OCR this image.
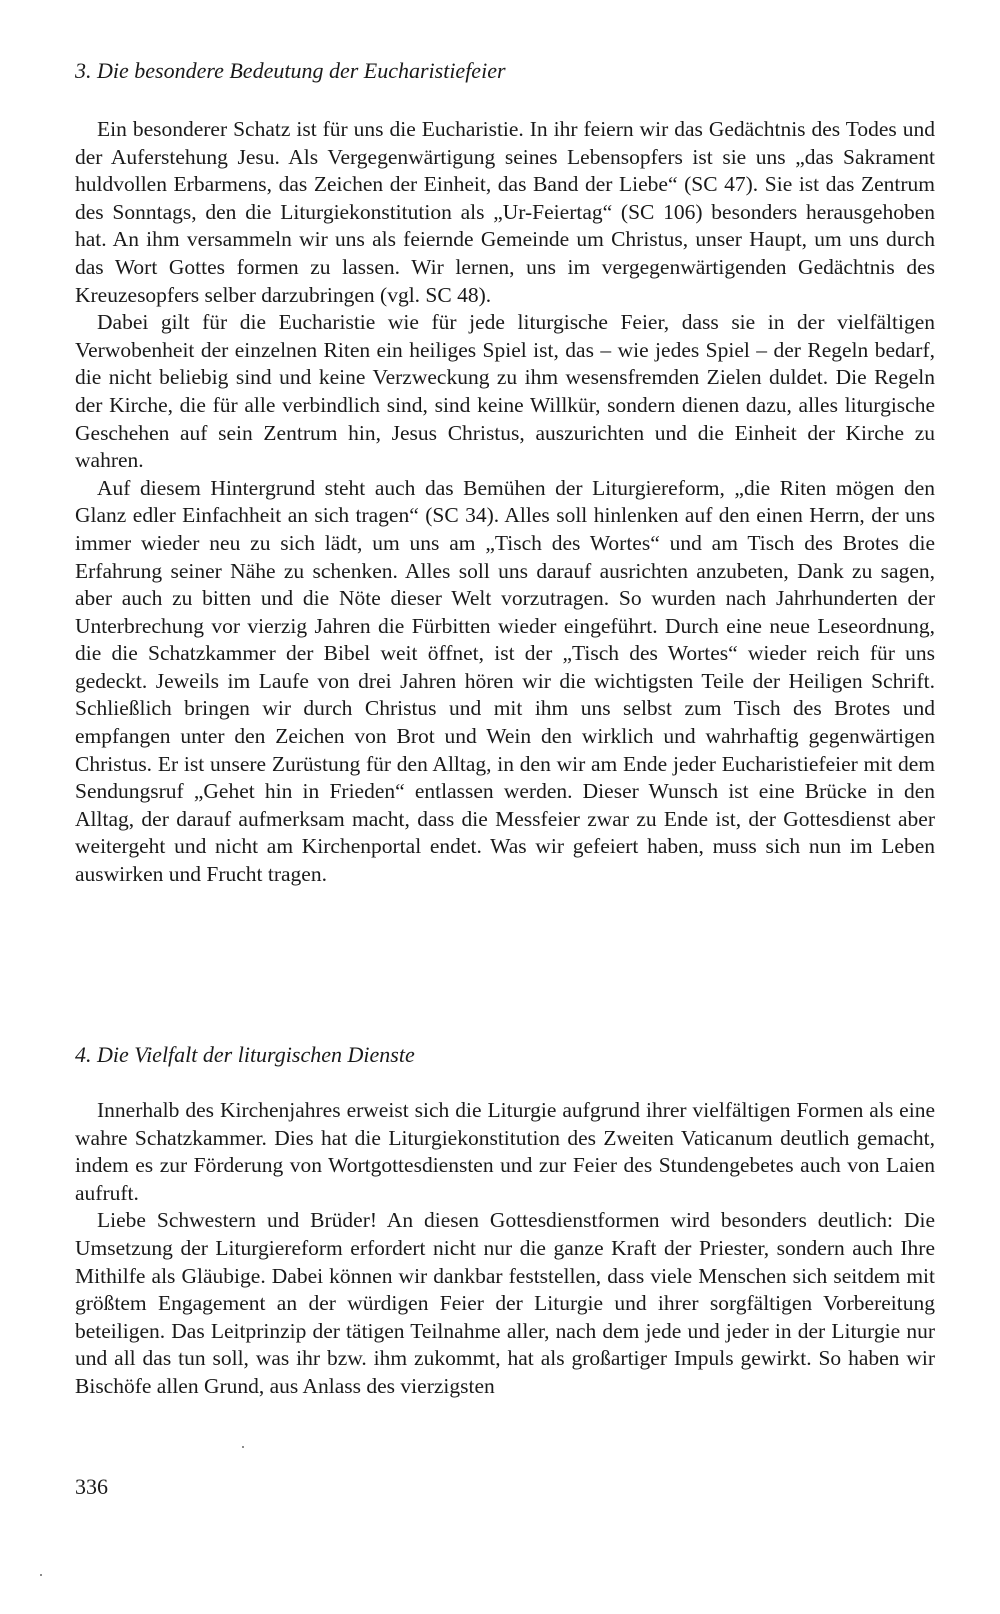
3. Die besondere Bedeutung der Eucharistiefeier

Ein besonderer Schatz ist für uns die Eucharistie. In ihr feiern wir das Gedächtnis des Todes und der Auferstehung Jesu. Als Vergegenwärtigung seines Lebensopfers ist sie uns „das Sakrament huldvollen Erbarmens, das Zeichen der Einheit, das Band der Liebe“ (SC 47). Sie ist das Zentrum des Sonntags, den die Liturgiekonstitution als „Ur-Feiertag“ (SC 106) besonders herausgehoben hat. An ihm versammeln wir uns als feiernde Gemeinde um Christus, unser Haupt, um uns durch das Wort Gottes formen zu lassen. Wir lernen, uns im vergegenwärtigenden Gedächtnis des Kreuzesopfers selber darzubringen (vgl. SC 48).

Dabei gilt für die Eucharistie wie für jede liturgische Feier, dass sie in der vielfältigen Verwobenheit der einzelnen Riten ein heiliges Spiel ist, das – wie jedes Spiel – der Regeln bedarf, die nicht beliebig sind und keine Verzweckung zu ihm wesensfremden Zielen duldet. Die Regeln der Kirche, die für alle verbindlich sind, sind keine Willkür, sondern dienen dazu, alles liturgische Geschehen auf sein Zentrum hin, Jesus Christus, auszurichten und die Einheit der Kirche zu wahren.

Auf diesem Hintergrund steht auch das Bemühen der Liturgiereform, „die Riten mögen den Glanz edler Einfachheit an sich tragen“ (SC 34). Alles soll hinlenken auf den einen Herrn, der uns immer wieder neu zu sich lädt, um uns am „Tisch des Wortes“ und am Tisch des Brotes die Erfahrung seiner Nähe zu schenken. Alles soll uns darauf ausrichten anzubeten, Dank zu sagen, aber auch zu bitten und die Nöte dieser Welt vorzutragen. So wurden nach Jahrhunderten der Unterbrechung vor vierzig Jahren die Fürbitten wieder eingeführt. Durch eine neue Leseordnung, die die Schatzkammer der Bibel weit öffnet, ist der „Tisch des Wortes“ wieder reich für uns gedeckt. Jeweils im Laufe von drei Jahren hören wir die wichtigsten Teile der Heiligen Schrift. Schließlich bringen wir durch Christus und mit ihm uns selbst zum Tisch des Brotes und empfangen unter den Zeichen von Brot und Wein den wirklich und wahrhaftig gegenwärtigen Christus. Er ist unsere Zurüstung für den Alltag, in den wir am Ende jeder Eucharistiefeier mit dem Sendungsruf „Gehet hin in Frieden“ entlassen werden. Dieser Wunsch ist eine Brücke in den Alltag, der darauf aufmerksam macht, dass die Messfeier zwar zu Ende ist, der Gottesdienst aber weitergeht und nicht am Kirchenportal endet. Was wir gefeiert haben, muss sich nun im Leben auswirken und Frucht tragen.

4. Die Vielfalt der liturgischen Dienste

Innerhalb des Kirchenjahres erweist sich die Liturgie aufgrund ihrer vielfältigen Formen als eine wahre Schatzkammer. Dies hat die Liturgiekonstitution des Zweiten Vaticanum deutlich gemacht, indem es zur Förderung von Wortgottesdiensten und zur Feier des Stundengebetes auch von Laien aufruft.

Liebe Schwestern und Brüder! An diesen Gottesdienstformen wird besonders deutlich: Die Umsetzung der Liturgiereform erfordert nicht nur die ganze Kraft der Priester, sondern auch Ihre Mithilfe als Gläubige. Dabei können wir dankbar feststellen, dass viele Menschen sich seitdem mit größtem Engagement an der würdigen Feier der Liturgie und ihrer sorgfältigen Vorbereitung beteiligen. Das Leitprinzip der tätigen Teilnahme aller, nach dem jede und jeder in der Liturgie nur und all das tun soll, was ihr bzw. ihm zukommt, hat als großartiger Impuls gewirkt. So haben wir Bischöfe allen Grund, aus Anlass des vierzigsten

336
